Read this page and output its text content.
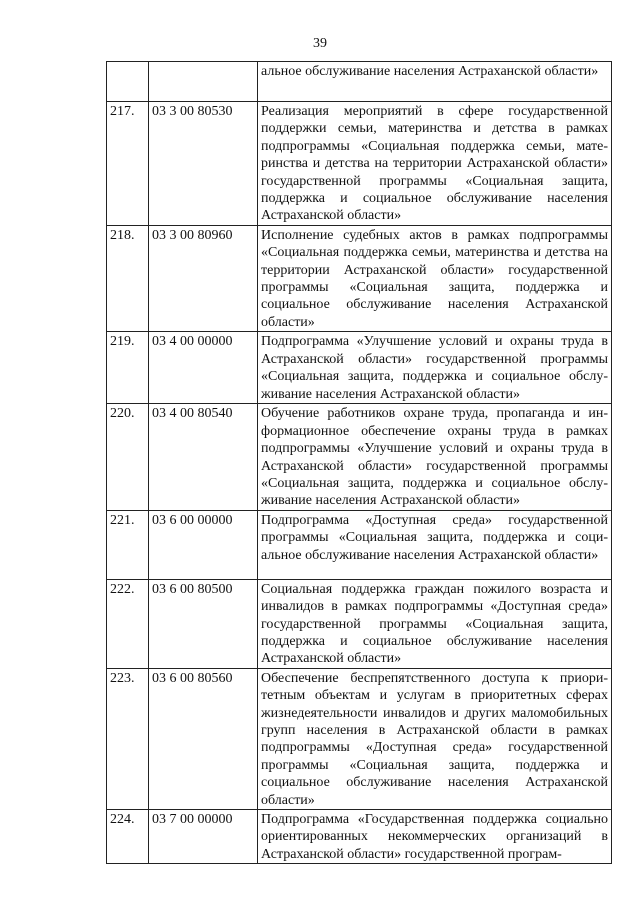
39
		альное обслуживание населения Астраханской области»
217.	03 3 00 80530	Реализация мероприятий в сфере государственной поддержки семьи, материнства и детства в рамках подпрограммы «Социальная поддержка семьи, материнства и детства на территории Астраханской области» государственной программы «Социальная защита, поддержка и социальное обслуживание населения Астраханской области»
218.	03 3 00 80960	Исполнение судебных актов в рамках подпрограммы «Социальная поддержка семьи, материнства и детства на территории Астраханской области» государственной программы «Социальная защита, поддержка и социальное обслуживание населения Астраханской области»
219.	03 4 00 00000	Подпрограмма «Улучшение условий и охраны труда в Астраханской области» государственной программы «Социальная защита, поддержка и социальное обслуживание населения Астраханской области»
220.	03 4 00 80540	Обучение работников охране труда, пропаганда и информационное обеспечение охраны труда в рамках подпрограммы «Улучшение условий и охраны труда в Астраханской области» государственной программы «Социальная защита, поддержка и социальное обслуживание населения Астраханской области»
221.	03 6 00 00000	Подпрограмма «Доступная среда» государственной программы «Социальная защита, поддержка и социальное обслуживание населения Астраханской области»
222.	03 6 00 80500	Социальная поддержка граждан пожилого возраста и инвалидов в рамках подпрограммы «Доступная среда» государственной программы «Социальная защита, поддержка и социальное обслуживание населения Астраханской области»
223.	03 6 00 80560	Обеспечение беспрепятственного доступа к приоритетным объектам и услугам в приоритетных сферах жизнедеятельности инвалидов и других маломобильных групп населения в Астраханской области в рамках подпрограммы «Доступная среда» государственной программы «Социальная защита, поддержка и социальное обслуживание населения Астраханской области»
224.	03 7 00 00000	Подпрограмма «Государственная поддержка социально ориентированных некоммерческих организаций в Астраханской области» государственной програм-
